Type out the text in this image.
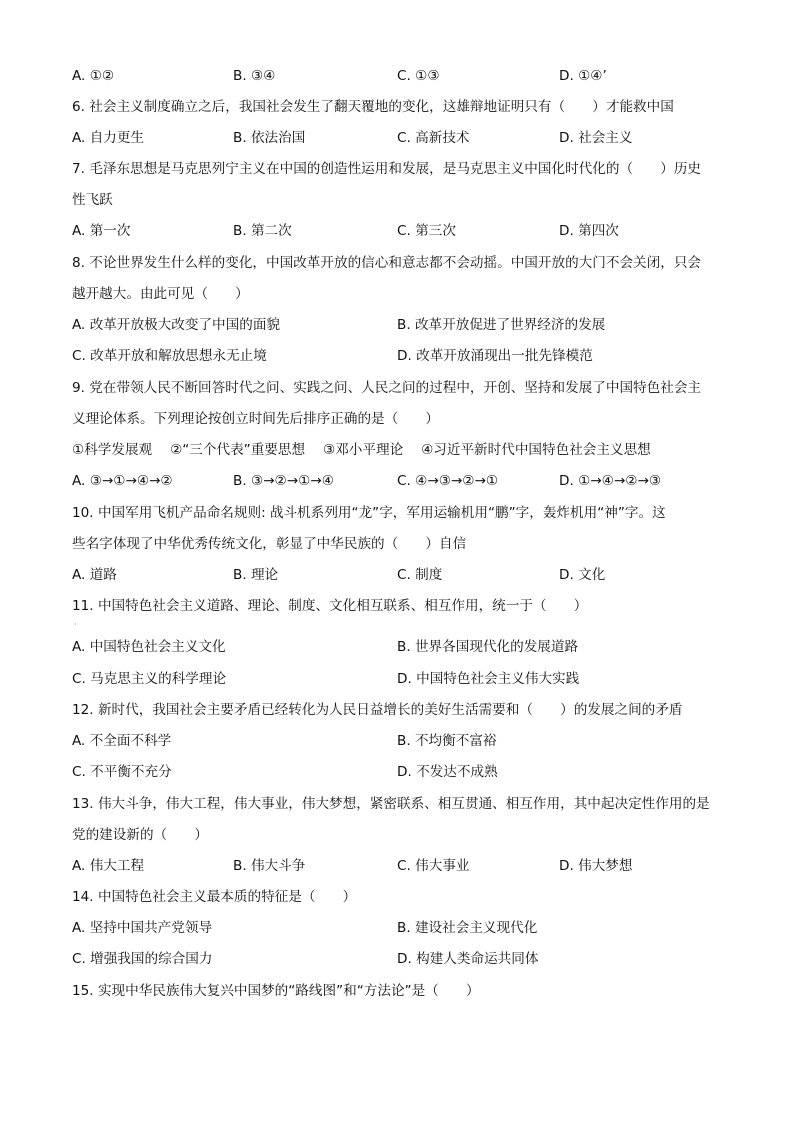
A. ①②	B. ③④	C. ①③	D. ①④’
6. 社会主义制度确立之后，我国社会发生了翻天覆地的变化，这雄辩地证明只有（　　）才能救中国
A. 自力更生	B. 依法治国	C. 高新技术	D. 社会主义
7. 毛泽东思想是马克思列宁主义在中国的创造性运用和发展，是马克思主义中国化时代化的（　　）历史
性飞跃
A. 第一次	B. 第二次	C. 第三次	D. 第四次
8. 不论世界发生什么样的变化，中国改革开放的信心和意志都不会动摇。中国开放的大门不会关闭，只会
越开越大。由此可见（　　）
A. 改革开放极大改变了中国的面貌	B. 改革开放促进了世界经济的发展
C. 改革开放和解放思想永无止境	D. 改革开放涌现出一批先锋模范
9. 党在带领人民不断回答时代之问、实践之问、人民之问的过程中，开创、坚持和发展了中国特色社会主
义理论体系。下列理论按创立时间先后排序正确的是（　　）
①科学发展观　 ②“三个代表”重要思想　 ③邓小平理论　 ④习近平新时代中国特色社会主义思想
A. ③→①→④→②	B. ③→②→①→④	C. ④→③→②→①	D. ①→④→②→③
10. 中国军用飞机产品命名规则: 战斗机系列用“龙”字，军用运输机用“鹏”字，轰炸机用“神”字。这
些名字体现了中华优秀传统文化，彰显了中华民族的（　　）自信
A. 道路	B. 理论	C. 制度	D. 文化
11. 中国特色社会主义道路、理论、制度、文化相互联系、相互作用，统一于（　　）
·
A. 中国特色社会主义文化	B. 世界各国现代化的发展道路
C. 马克思主义的科学理论	D. 中国特色社会主义伟大实践
12. 新时代，我国社会主要矛盾已经转化为人民日益增长的美好生活需要和（　　）的发展之间的矛盾
A. 不全面不科学	B. 不均衡不富裕
C. 不平衡不充分	D. 不发达不成熟
13. 伟大斗争，伟大工程，伟大事业，伟大梦想，紧密联系、相互贯通、相互作用，其中起决定性作用的是
党的建设新的（　　）
A. 伟大工程	B. 伟大斗争	C. 伟大事业	D. 伟大梦想
14. 中国特色社会主义最本质的特征是（　　）
A. 坚持中国共产党领导	B. 建设社会主义现代化
C. 增强我国的综合国力	D. 构建人类命运共同体
15. 实现中华民族伟大复兴中国梦的“路线图”和“方法论”是（　　）
